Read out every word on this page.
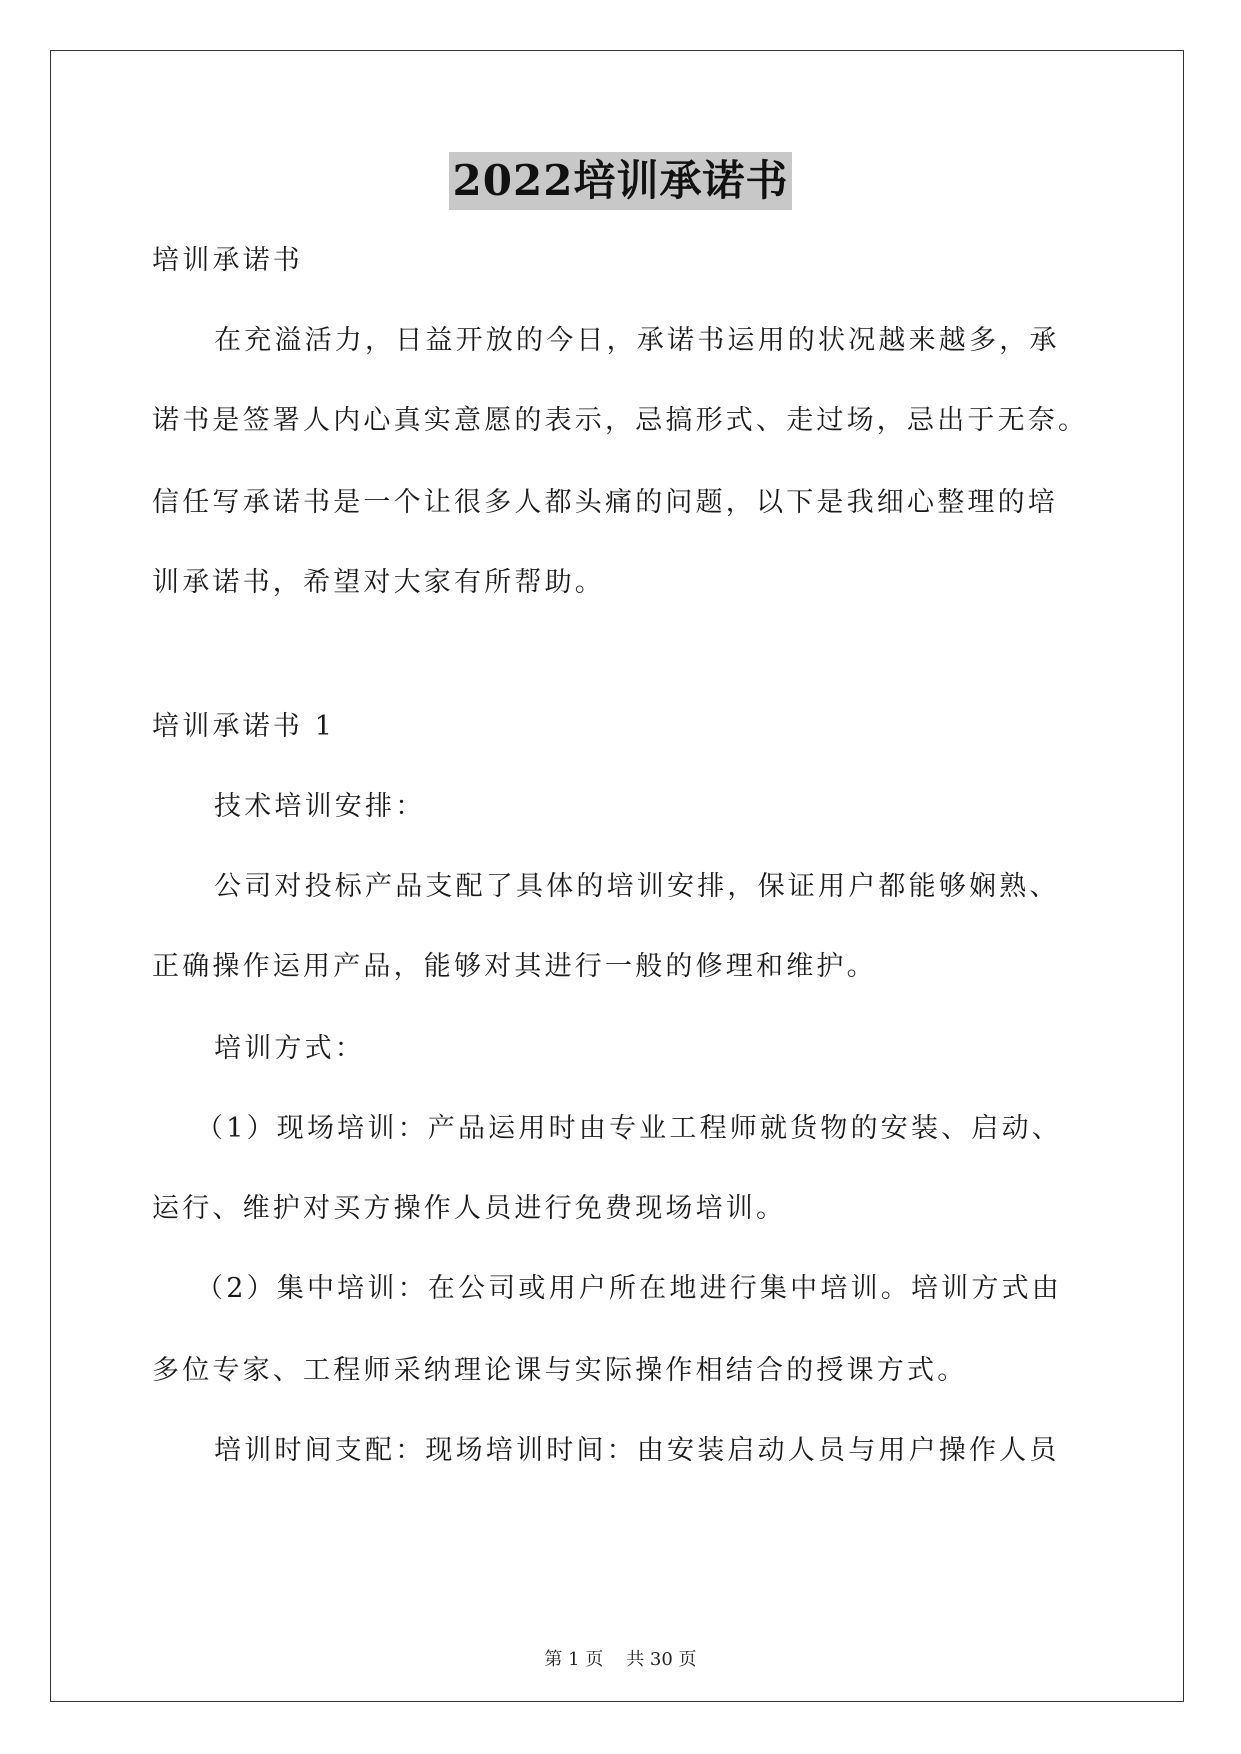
2022培训承诺书
培训承诺书
在充溢活力，日益开放的今日，承诺书运用的状况越来越多，承
诺书是签署人内心真实意愿的表示，忌搞形式、走过场，忌出于无奈。
信任写承诺书是一个让很多人都头痛的问题，以下是我细心整理的培
训承诺书，希望对大家有所帮助。
培训承诺书 1
技术培训安排：
公司对投标产品支配了具体的培训安排，保证用户都能够娴熟、
正确操作运用产品，能够对其进行一般的修理和维护。
培训方式：
（1）现场培训：产品运用时由专业工程师就货物的安装、启动、
运行、维护对买方操作人员进行免费现场培训。
（2）集中培训：在公司或用户所在地进行集中培训。培训方式由
多位专家、工程师采纳理论课与实际操作相结合的授课方式。
培训时间支配：现场培训时间：由安装启动人员与用户操作人员
第 1 页    共 30 页
